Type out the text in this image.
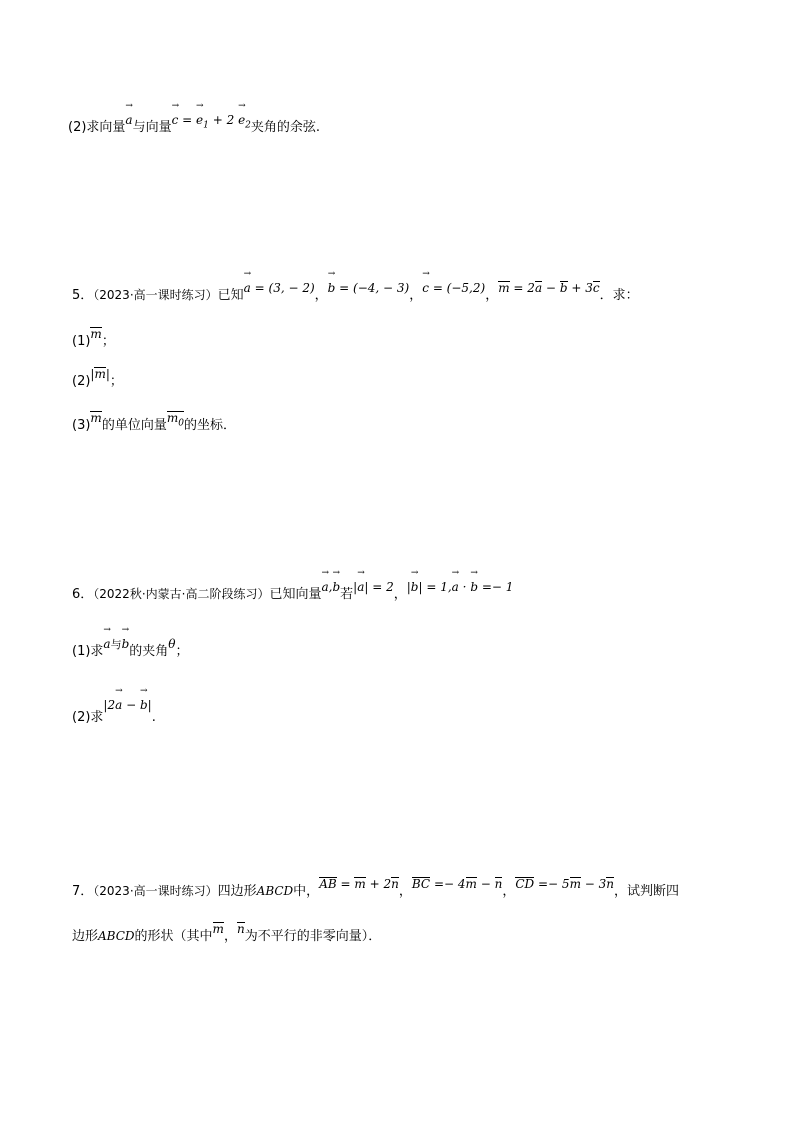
(2)求向量→ a与向量→ c = → $e_1 + 2 \to e_2$夹角的余弦.
5．（2023·高一课时练习）已知→ a = (3, − 2)，→ b = (−4, − 3)，→ c = (−5,2)，m = 2a − b + 3c．求：
(1)m；
(2)|m|；
(3)m的单位向量$m_0$的坐标．
6．（2022秋·内蒙古·高二阶段练习）已知向量→ a,→ b若|→ a| = 2，|→ b| = 1,→ a · → b =− 1
(1)求→ $a^与\to b$的夹角θ；
(2)求|2→ a − → b|.
7．（2023·高一课时练习）四边形ABCD中，AB = m + 2n，BC =− 4m − n，CD =− 5m − 3n，试判断四
边形ABCD的形状（其中m，n为不平行的非零向量）．
